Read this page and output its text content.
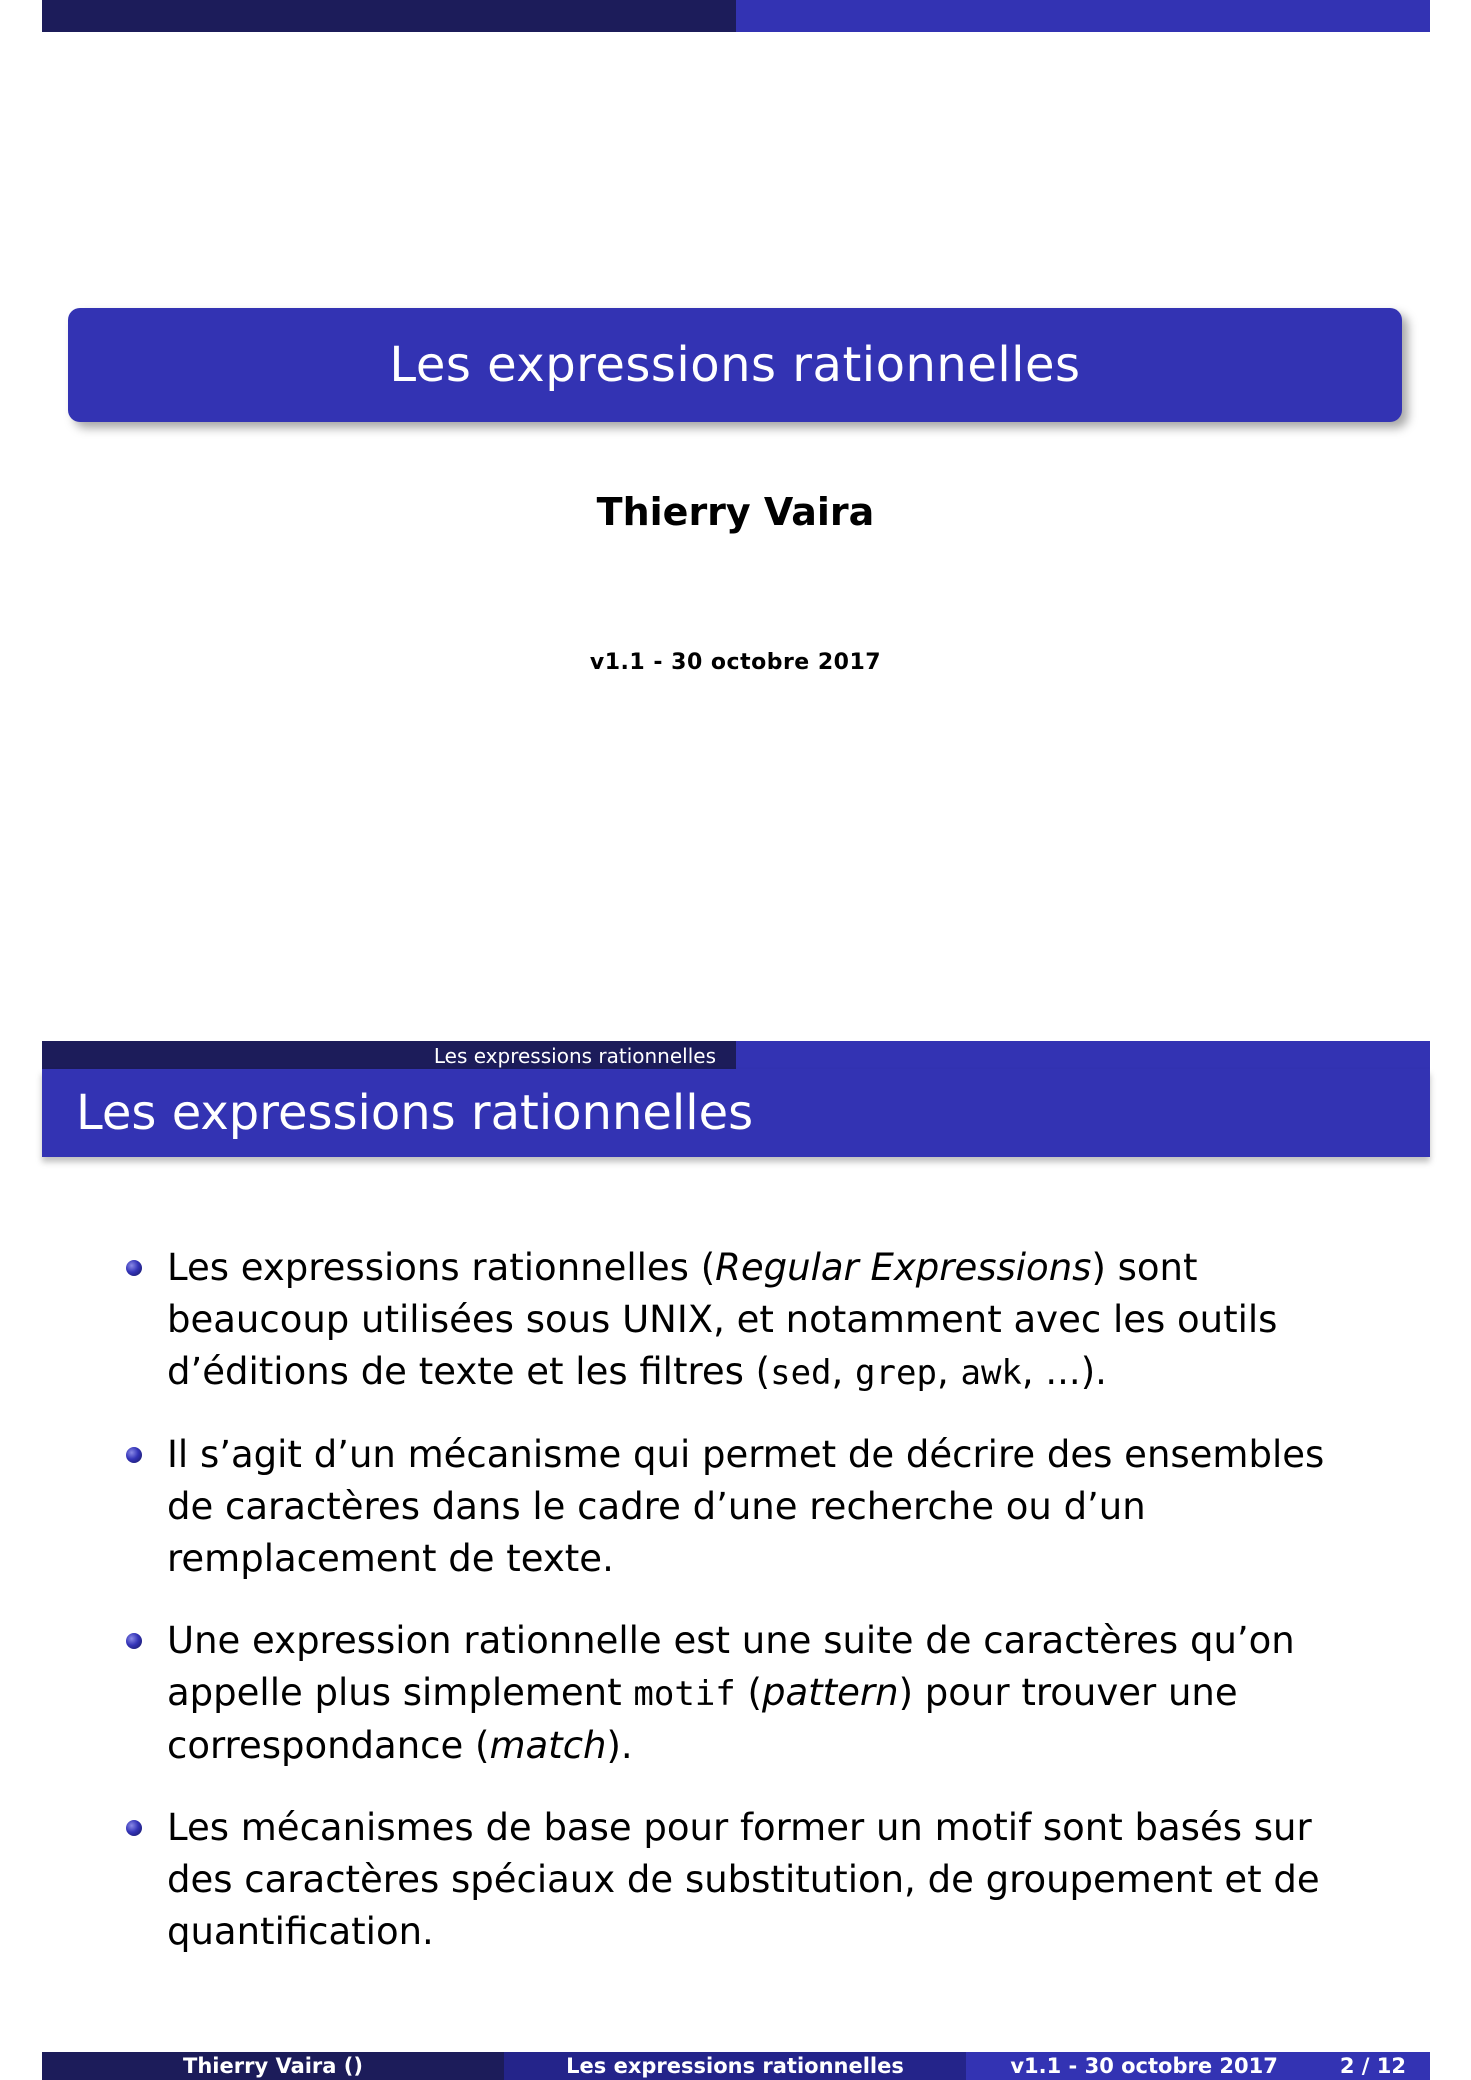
Les expressions rationnelles
Thierry Vaira
v1.1 - 30 octobre 2017
Les expressions rationnelles
Les expressions rationnelles
Les expressions rationnelles (Regular Expressions) sont beaucoup utilisées sous UNIX, et notamment avec les outils d’éditions de texte et les filtres (sed, grep, awk, ...).
Il s’agit d’un mécanisme qui permet de décrire des ensembles de caractères dans le cadre d’une recherche ou d’un remplacement de texte.
Une expression rationnelle est une suite de caractères qu’on appelle plus simplement motif (pattern) pour trouver une correspondance (match).
Les mécanismes de base pour former un motif sont basés sur des caractères spéciaux de substitution, de groupement et de quantification.
Thierry Vaira ()	Les expressions rationnelles	v1.1 - 30 octobre 2017	2 / 12
